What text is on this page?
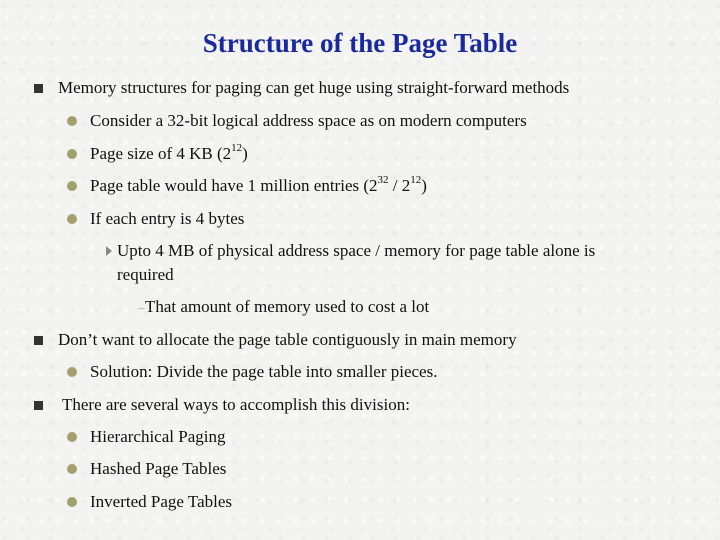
Structure of the Page Table
Memory structures for paging can get huge using straight-forward methods
Consider a 32-bit logical address space as on modern computers
Page size of 4 KB $(2^{12})$
Page table would have 1 million entries $(2^{32} / 2^{12})$
If each entry is 4 bytes
Upto 4 MB of physical address space / memory for page table alone is
required
– That amount of memory used to cost a lot
Don’t want to allocate the page table contiguously in main memory
Solution: Divide the page table into smaller pieces.
There are several ways to accomplish this division:
Hierarchical Paging
Hashed Page Tables
Inverted Page Tables
